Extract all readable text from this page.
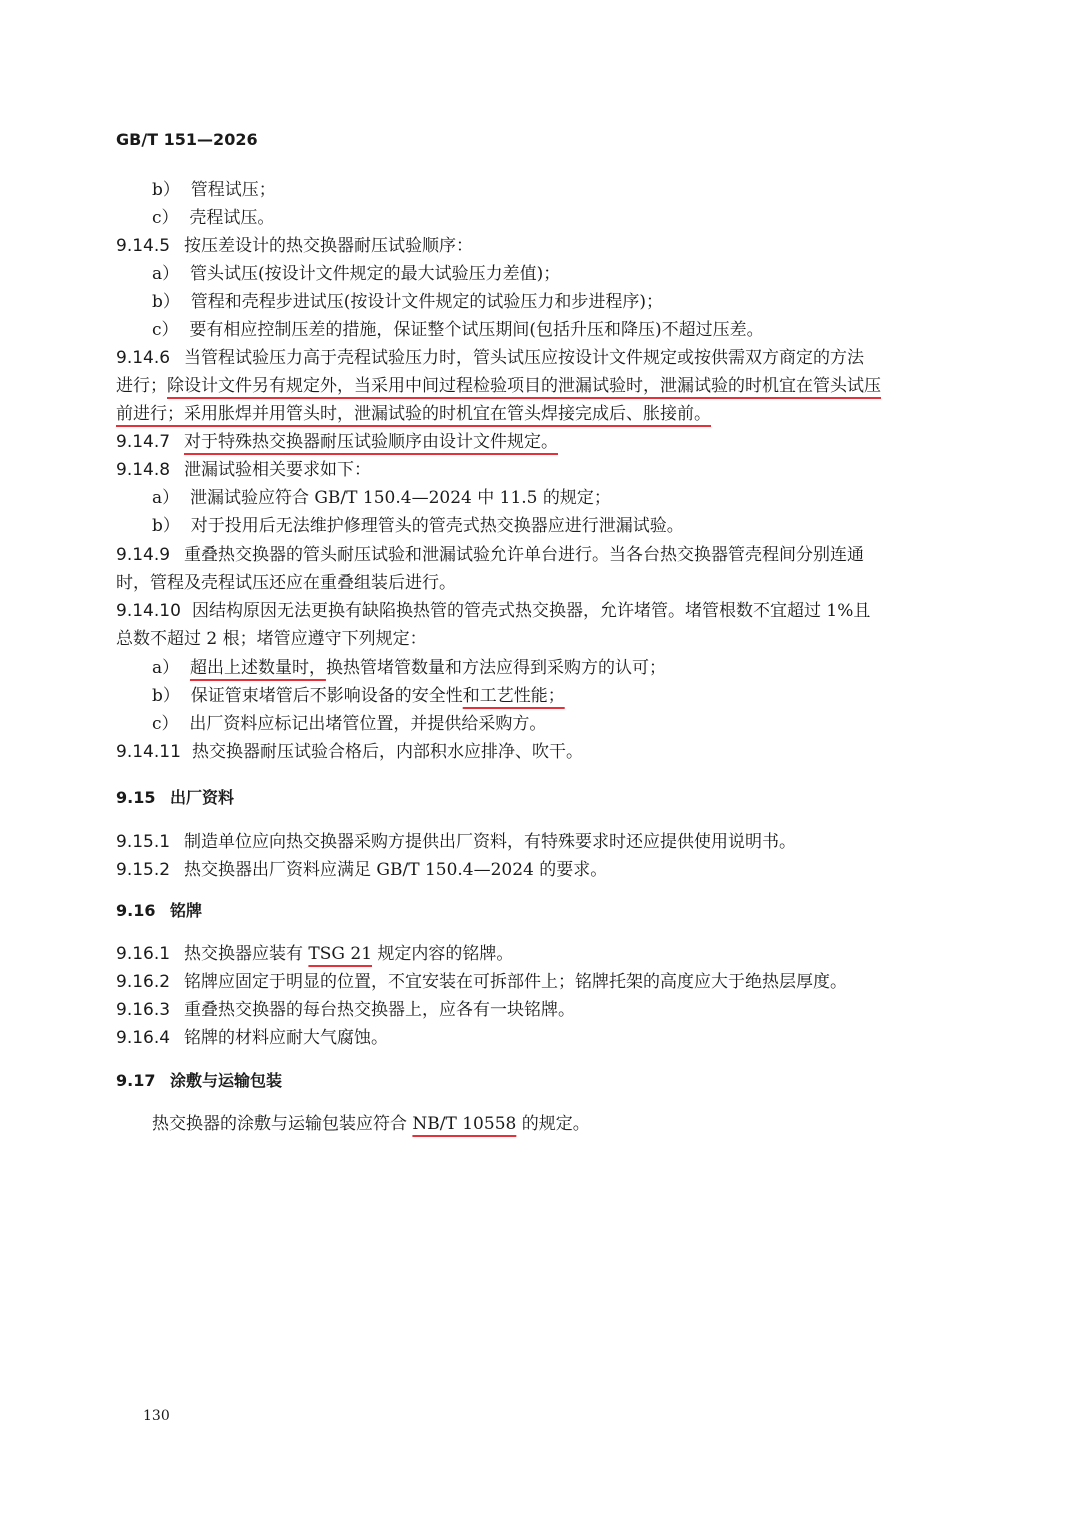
GB/T 151—2026
b） 管程试压；
c） 壳程试压。
9.14.5 按压差设计的热交换器耐压试验顺序：
a） 管头试压(按设计文件规定的最大试验压力差值)；
b） 管程和壳程步进试压(按设计文件规定的试验压力和步进程序)；
c） 要有相应控制压差的措施，保证整个试压期间(包括升压和降压)不超过压差。
9.14.6 当管程试验压力高于壳程试验压力时，管头试压应按设计文件规定或按供需双方商定的方法
进行；除设计文件另有规定外，当采用中间过程检验项目的泄漏试验时，泄漏试验的时机宜在管头试压
前进行；采用胀焊并用管头时，泄漏试验的时机宜在管头焊接完成后、胀接前。
9.14.7 对于特殊热交换器耐压试验顺序由设计文件规定。
9.14.8 泄漏试验相关要求如下：
a） 泄漏试验应符合 GB/T 150.4—2024 中 11.5 的规定；
b） 对于投用后无法维护修理管头的管壳式热交换器应进行泄漏试验。
9.14.9 重叠热交换器的管头耐压试验和泄漏试验允许单台进行。当各台热交换器管壳程间分别连通
时，管程及壳程试压还应在重叠组装后进行。
9.14.10 因结构原因无法更换有缺陷换热管的管壳式热交换器，允许堵管。堵管根数不宜超过 1%且
总数不超过 2 根；堵管应遵守下列规定：
a） 超出上述数量时，换热管堵管数量和方法应得到采购方的认可；
b） 保证管束堵管后不影响设备的安全性和工艺性能；
c） 出厂资料应标记出堵管位置，并提供给采购方。
9.14.11 热交换器耐压试验合格后，内部积水应排净、吹干。
9.15 出厂资料
9.15.1 制造单位应向热交换器采购方提供出厂资料，有特殊要求时还应提供使用说明书。
9.15.2 热交换器出厂资料应满足 GB/T 150.4—2024 的要求。
9.16 铭牌
9.16.1 热交换器应装有 TSG 21 规定内容的铭牌。
9.16.2 铭牌应固定于明显的位置，不宜安装在可拆部件上；铭牌托架的高度应大于绝热层厚度。
9.16.3 重叠热交换器的每台热交换器上，应各有一块铭牌。
9.16.4 铭牌的材料应耐大气腐蚀。
9.17 涂敷与运输包装
热交换器的涂敷与运输包装应符合 NB/T 10558 的规定。
130
